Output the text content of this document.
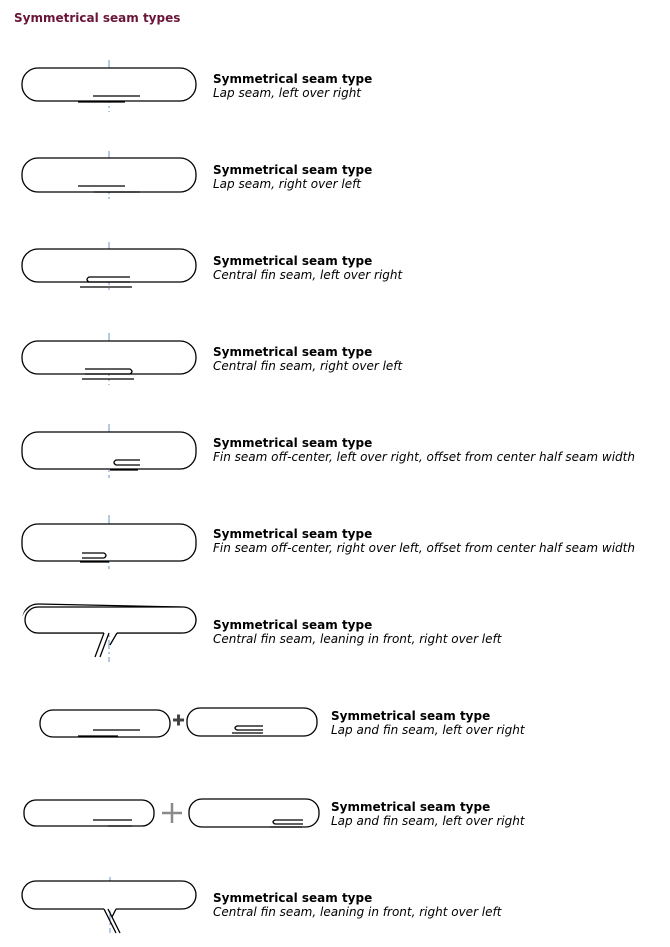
Symmetrical seam types
Symmetrical seam type
Lap seam, left over right
Symmetrical seam type
Lap seam, right over left
Symmetrical seam type
Central fin seam, left over right
Symmetrical seam type
Central fin seam, right over left
Symmetrical seam type
Fin seam off-center, left over right, offset from center half seam width
Symmetrical seam type
Fin seam off-center, right over left, offset from center half seam width
Symmetrical seam type
Central fin seam, leaning in front, right over left
Symmetrical seam type
Lap and fin seam, left over right
Symmetrical seam type
Lap and fin seam, left over right
Symmetrical seam type
Central fin seam, leaning in front, right over left
